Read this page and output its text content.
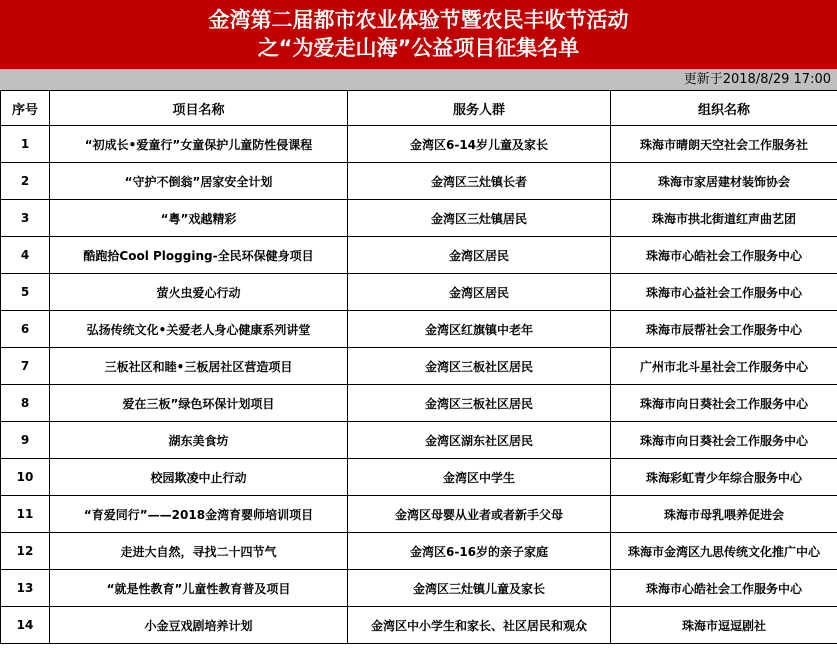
金湾第二届都市农业体验节暨农民丰收节活动
之“为爱走山海”公益项目征集名单
更新于2018/8/29 17:00
序号	项目名称	服务人群	组织名称
1	“初成长•爱童行”女童保护儿童防性侵课程	金湾区6-14岁儿童及家长	珠海市晴朗天空社会工作服务社
2	“守护不倒翁”居家安全计划	金湾区三灶镇长者	珠海市家居建材装饰协会
3	“粤”戏越精彩	金湾区三灶镇居民	珠海市拱北街道红声曲艺团
4	酷跑拾Cool Plogging-全民环保健身项目	金湾区居民	珠海市心皓社会工作服务中心
5	萤火虫爱心行动	金湾区居民	珠海市心益社会工作服务中心
6	弘扬传统文化•关爱老人身心健康系列讲堂	金湾区红旗镇中老年	珠海市辰帮社会工作服务中心
7	三板社区和睦•三板居社区营造项目	金湾区三板社区居民	广州市北斗星社会工作服务中心
8	爱在三板”绿色环保计划项目	金湾区三板社区居民	珠海市向日葵社会工作服务中心
9	湖东美食坊	金湾区湖东社区居民	珠海市向日葵社会工作服务中心
10	校园欺凌中止行动	金湾区中学生	珠海彩虹青少年综合服务中心
11	“育爱同行”——2018金湾育婴师培训项目	金湾区母婴从业者或者新手父母	珠海市母乳喂养促进会
12	走进大自然，寻找二十四节气	金湾区6-16岁的亲子家庭	珠海市金湾区九思传统文化推广中心
13	“就是性教育”儿童性教育普及项目	金湾区三灶镇儿童及家长	珠海市心皓社会工作服务中心
14	小金豆戏剧培养计划	金湾区中小学生和家长、社区居民和观众	珠海市逗逗剧社
